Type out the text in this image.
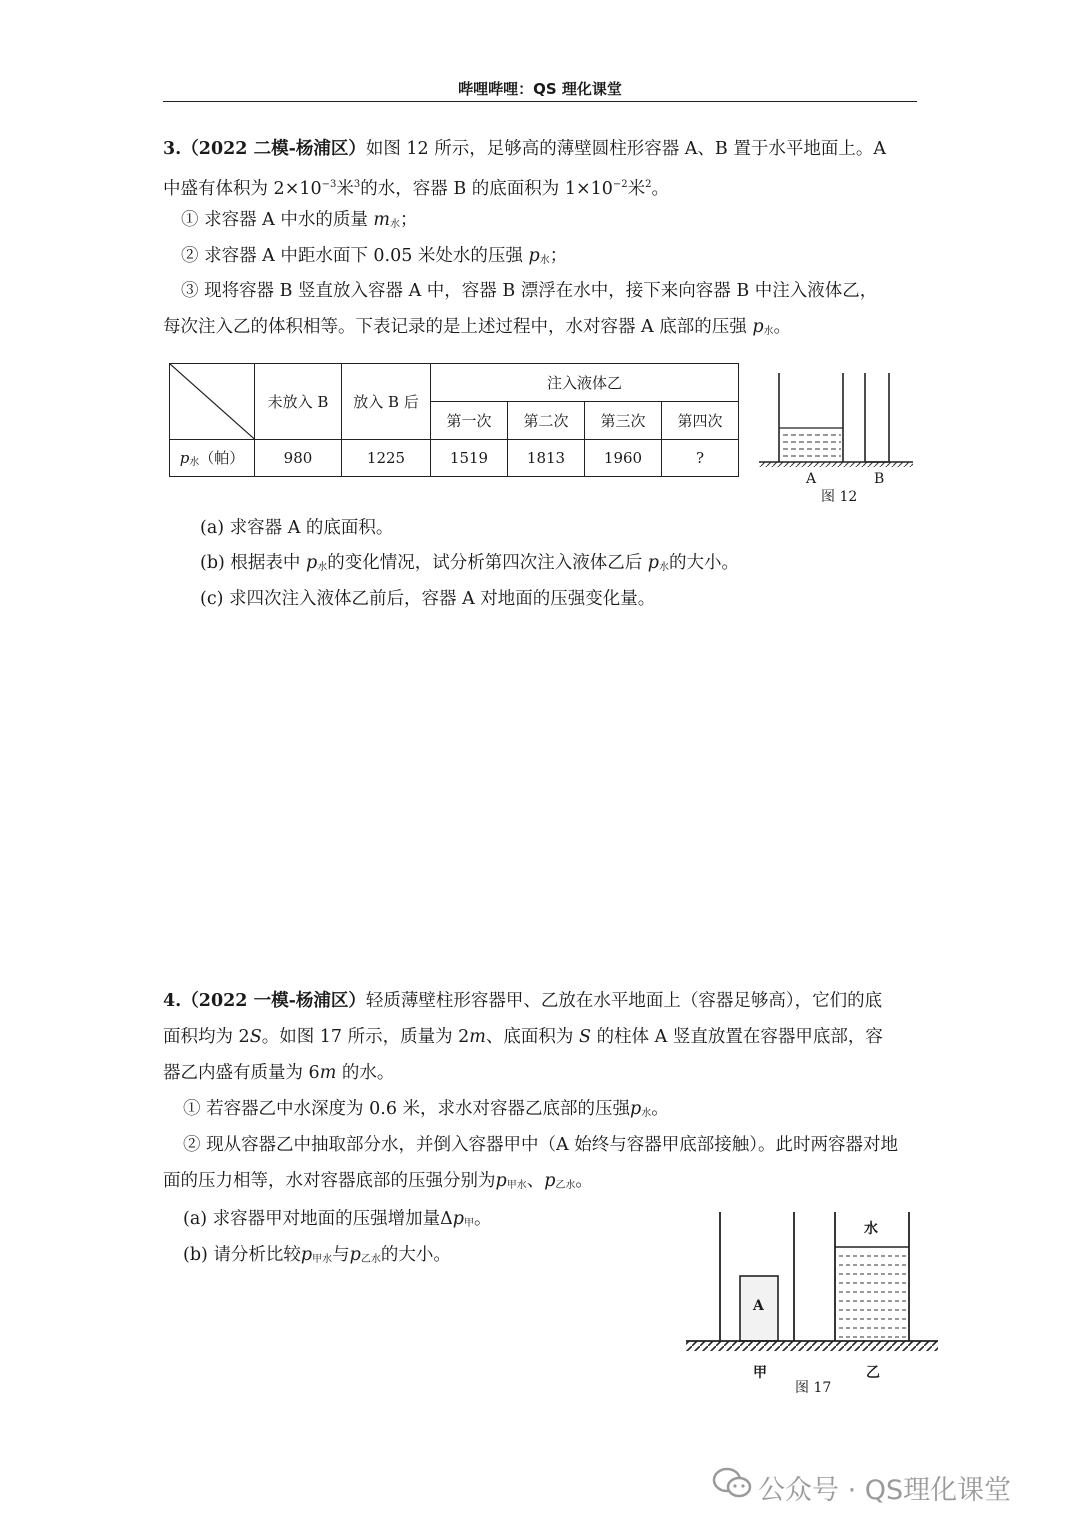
哔哩哔哩：QS 理化课堂
3.（2022 二模-杨浦区）如图 12 所示，足够高的薄壁圆柱形容器 A、B 置于水平地面上。A
中盛有体积为 $2\times 10^{-3}$米$^3$的水，容器 B 的底面积为 $1\times 10^{-2}$米$^2$。
① 求容器 A 中水的质量 $m_水$；
② 求容器 A 中距水面下 0.05 米处水的压强 $p_水$；
③ 现将容器 B 竖直放入容器 A 中，容器 B 漂浮在水中，接下来向容器 B 中注入液体乙，
每次注入乙的体积相等。下表记录的是上述过程中，水对容器 A 底部的压强 $p_水$。
	未放入 B	放入 B 后	注入液体乙			
			第一次	第二次	第三次	第四次
$p_水$（帕）	980	1225	1519	1813	1960	?
A	B
图 12
(a) 求容器 A 的底面积。
(b) 根据表中 $p_水$的变化情况，试分析第四次注入液体乙后 $p_水$的大小。
(c) 求四次注入液体乙前后，容器 A 对地面的压强变化量。
4.（2022 一模-杨浦区）轻质薄壁柱形容器甲、乙放在水平地面上（容器足够高），它们的底
面积均为 2S。如图 17 所示，质量为 2m、底面积为 S 的柱体 A 竖直放置在容器甲底部，容
器乙内盛有质量为 6m 的水。
① 若容器乙中水深度为 0.6 米，求水对容器乙底部的压强$p_水$。
② 现从容器乙中抽取部分水，并倒入容器甲中（A 始终与容器甲底部接触）。此时两容器对地
面的压力相等，水对容器底部的压强分别为$p_{甲水}$、$p_{乙水}$。
(a) 求容器甲对地面的压强增加量$\Delta p_甲$。
(b) 请分析比较$p_{甲水}$与$p_{乙水}$的大小。
A
水
甲	乙
图 17
公众号 · QS理化课堂
